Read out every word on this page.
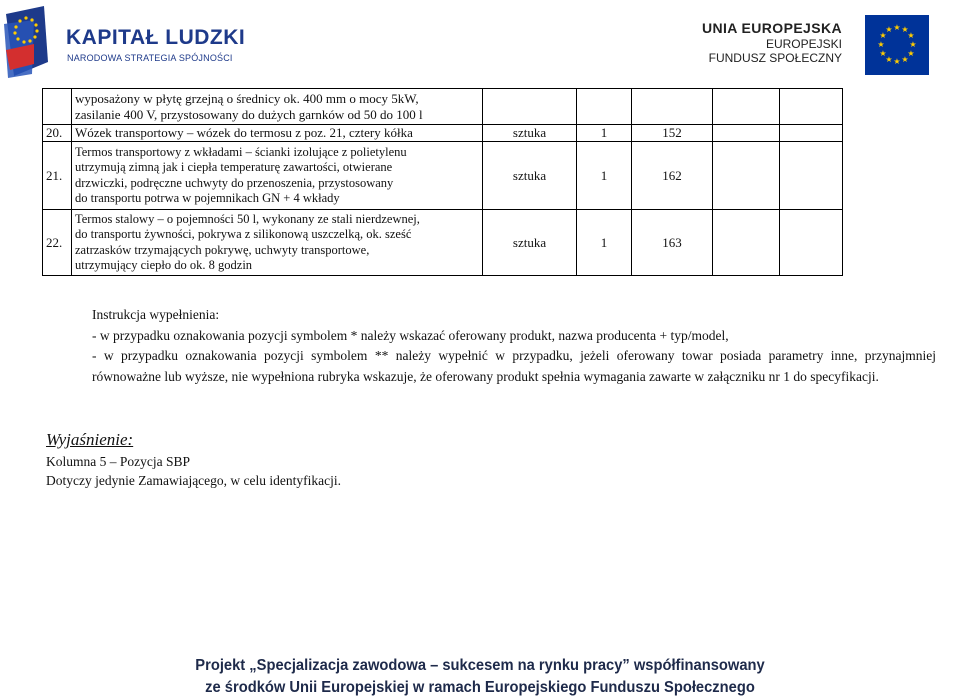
KAPITAŁ LUDZKI
NARODOWA STRATEGIA SPÓJNOŚCI
UNIA EUROPEJSKA
EUROPEJSKI
FUNDUSZ SPOŁECZNY
★ ★
★
★
★
★
★
★
★
★
★
★

	wyposażony w płytę grzejną o średnicy ok. 400 mm o mocy 5kW,
zasilanie 400 V, przystosowany do dużych garnków od 50 do 100 l					

20.	Wózek transportowy – wózek do termosu z poz. 21, cztery kółka	sztuka	1	152		
21.	Termos transportowy z wkładami – ścianki izolujące z polietylenu
utrzymują zimną jak i ciepła temperaturę zawartości, otwierane
drzwiczki, podręczne uchwyty do przenoszenia, przystosowany
do transportu potrwa w pojemnikach GN + 4 wkłady	sztuka	1	162		
22.	Termos stalowy – o pojemności 50 l, wykonany ze stali nierdzewnej,
do transportu żywności, pokrywa z silikonową uszczelką, ok. sześć
zatrzasków trzymających pokrywę, uchwyty transportowe,
utrzymujący ciepło do ok. 8 godzin	sztuka	1	163		
Instrukcja wypełnienia:
- w przypadku oznakowania pozycji symbolem * należy wskazać oferowany produkt, nazwa producenta + typ/model,
- w przypadku oznakowania pozycji symbolem ** należy wypełnić w przypadku, jeżeli oferowany towar posiada parametry inne, przynajmniej równoważne lub wyższe, nie wypełniona rubryka wskazuje, że oferowany produkt spełnia wymagania zawarte w załączniku nr 1 do specyfikacji.
Wyjaśnienie:
Kolumna 5 – Pozycja SBP
Dotyczy jedynie Zamawiającego, w celu identyfikacji.
Projekt „Specjalizacja zawodowa – sukcesem na rynku pracy” współfinansowany
ze środków Unii Europejskiej w ramach Europejskiego Funduszu Społecznego
